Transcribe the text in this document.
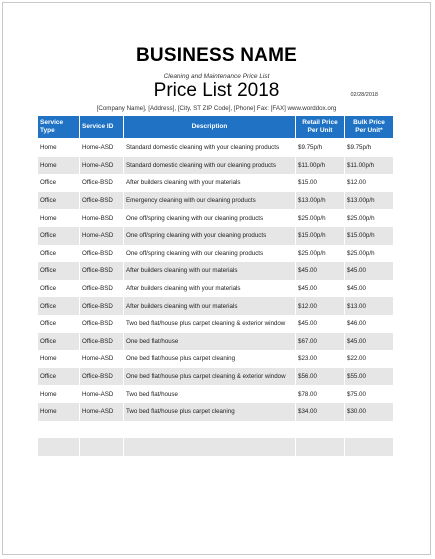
BUSINESS NAME
Cleaning and Maintenance Price List
Price List 2018	02/28/2018
[Company Name], [Address], [City, ST ZIP Code], [Phone] Fax: [FAX] www.worddox.org
Service Type	Service ID	Description	Retail Price Per Unit	Bulk Price Per Unit*
Home	Home-ASD	Standard domestic cleaning with your cleaning products	$9.75p/h	$9.75p/h
Home	Home-ASD	Standard domestic cleaning with our cleaning products	$11.00p/h	$11.00p/h
Office	Office-BSD	After builders cleaning with your materials	$15.00	$12.00
Office	Office-BSD	Emergency cleaning with our cleaning products	$13.00p/h	$13.00p/h
Home	Home-BSD	One off/spring cleaning with our cleaning products	$25.00p/h	$25.00p/h
Office	Home-ASD	One off/spring cleaning with your cleaning products	$15.00p/h	$15.00p/h
Office	Office-BSD	One off/spring cleaning with our cleaning products	$25.00p/h	$25.00p/h
Office	Office-BSD	After builders cleaning with our materials	$45.00	$45.00
Office	Office-BSD	After builders cleaning with your materials	$45.00	$45.00
Office	Office-BSD	After builders cleaning with our materials	$12.00	$13.00
Office	Office-BSD	Two bed flat/house plus carpet cleaning & exterior window	$45.00	$46.00
Office	Office-BSD	One bed flat/house	$67.00	$45.00
Home	Home-ASD	One bed flat/house plus carpet cleaning	$23.00	$22.00
Office	Office-BSD	One bed flat/house plus carpet cleaning & exterior window	$56.00	$55.00
Home	Home-ASD	Two bed flat/house	$78.00	$75.00
Home	Home-ASD	Two bed flat/house plus carpet cleaning	$34.00	$30.00
